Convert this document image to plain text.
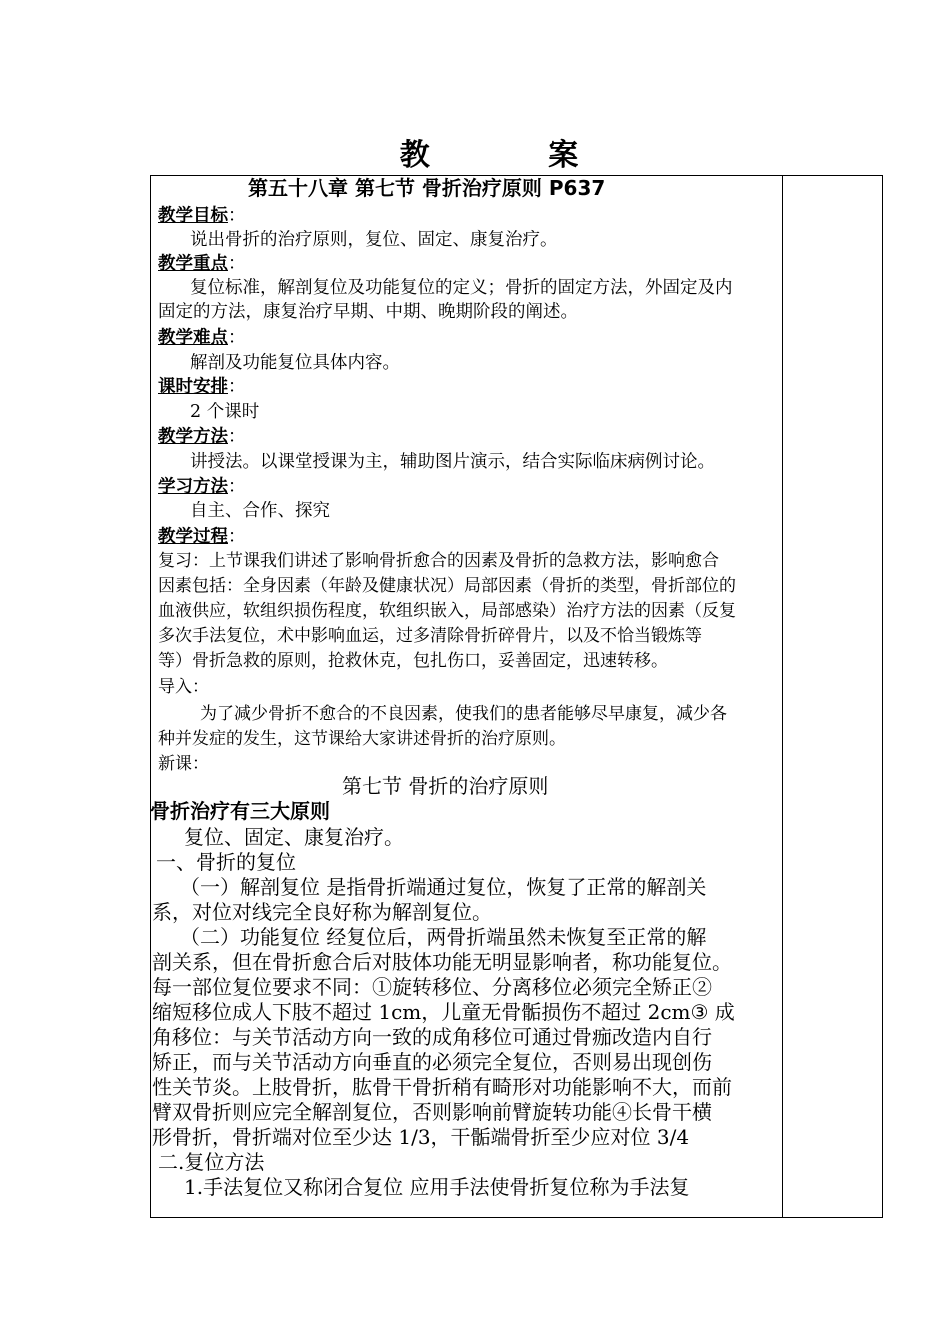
教 案
第五十八章 第七节 骨折治疗原则 P637
教学目标：
说出骨折的治疗原则，复位、固定、康复治疗。
教学重点：
复位标准，解剖复位及功能复位的定义；骨折的固定方法，外固定及内
固定的方法，康复治疗早期、中期、晚期阶段的阐述。
教学难点：
解剖及功能复位具体内容。
课时安排：
2 个课时
教学方法：
讲授法。以课堂授课为主，辅助图片演示，结合实际临床病例讨论。
学习方法：
自主、合作、探究
教学过程：
复习：上节课我们讲述了影响骨折愈合的因素及骨折的急救方法，影响愈合
因素包括：全身因素（年龄及健康状况）局部因素（骨折的类型，骨折部位的
血液供应，软组织损伤程度，软组织嵌入，局部感染）治疗方法的因素（反复
多次手法复位，术中影响血运，过多清除骨折碎骨片，以及不恰当锻炼等
等）骨折急救的原则，抢救休克，包扎伤口，妥善固定，迅速转移。
导入：
为了减少骨折不愈合的不良因素，使我们的患者能够尽早康复，减少各
种并发症的发生，这节课给大家讲述骨折的治疗原则。
新课：
第七节 骨折的治疗原则
骨折治疗有三大原则
复位、固定、康复治疗。
一、骨折的复位
（一）解剖复位 是指骨折端通过复位，恢复了正常的解剖关
系，对位对线完全良好称为解剖复位。
（二）功能复位 经复位后，两骨折端虽然未恢复至正常的解
剖关系，但在骨折愈合后对肢体功能无明显影响者，称功能复位。
每一部位复位要求不同：①旋转移位、分离移位必须完全矫正②
缩短移位成人下肢不超过 1cm，儿童无骨骺损伤不超过 2cm③ 成
角移位：与关节活动方向一致的成角移位可通过骨痂改造内自行
矫正，而与关节活动方向垂直的必须完全复位，否则易出现创伤
性关节炎。上肢骨折，肱骨干骨折稍有畸形对功能影响不大，而前
臂双骨折则应完全解剖复位，否则影响前臂旋转功能④长骨干横
形骨折，骨折端对位至少达 1/3，干骺端骨折至少应对位 3/4
二.复位方法
1.手法复位又称闭合复位 应用手法使骨折复位称为手法复
